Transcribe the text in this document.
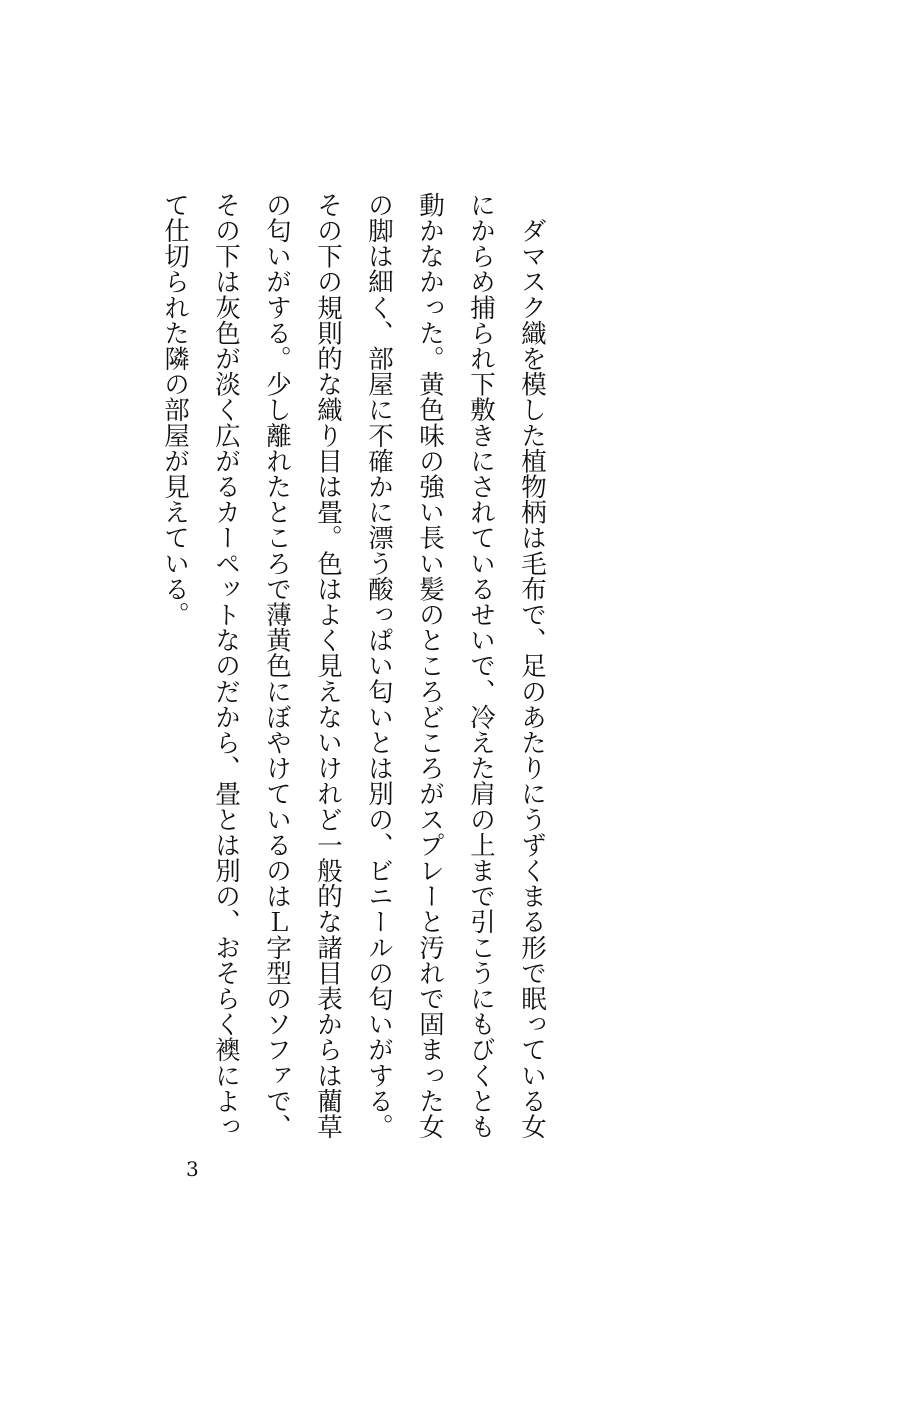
　ダマスク織を模した植物柄は毛布で、足のあたりにうずくまる形で眠っている女
にからめ捕られ下敷きにされているせいで、冷えた肩の上まで引こうにもびくとも
動かなかった。黄色味の強い長い髪のところどころがスプレーと汚れで固まった女
の脚は細く、部屋に不確かに漂う酸っぱい匂いとは別の、ビニールの匂いがする。
その下の規則的な織り目は畳。色はよく見えないけれど一般的な諸目表からは藺草
の匂いがする。少し離れたところで薄黄色にぼやけているのはＬ字型のソファで、
その下は灰色が淡く広がるカーペットなのだから、畳とは別の、おそらく襖によっ
て仕切られた隣の部屋が見えている。
3
